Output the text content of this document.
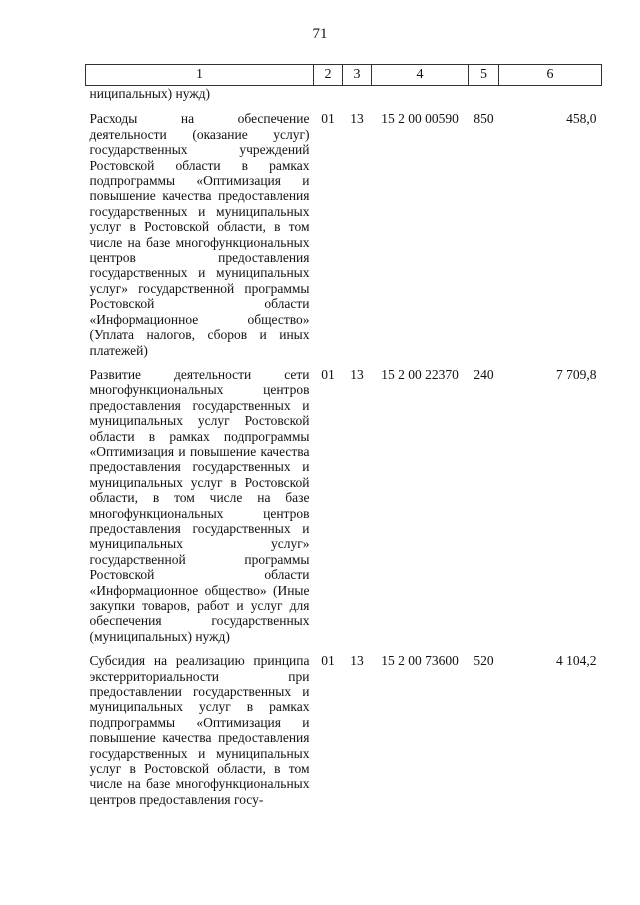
71
1	2	3	4	5	6
ниципальных) нужд)					
Расходы на обеспечение деятельности (оказание услуг) государственных учреждений Ростовской области в рамках подпрограммы «Оптимизация и повышение качества предоставления государственных и муниципальных услуг в Ростовской области, в том числе на базе многофункциональных центров предоставления государственных и муниципальных услуг» государственной программы Ростовской области «Информационное общество» (Уплата налогов, сборов и иных платежей)	01	13	15 2 00 00590	850	458,0
Развитие деятельности сети многофункциональных центров предоставления государственных и муниципальных услуг Ростовской области в рамках подпрограммы «Оптимизация и повышение качества предоставления государственных и муниципальных услуг в Ростовской области, в том числе на базе многофункциональных центров предоставления государственных и муниципальных услуг» государственной программы Ростовской области «Информационное общество» (Иные закупки товаров, работ и услуг для обеспечения государственных (муниципальных) нужд)	01	13	15 2 00 22370	240	7 709,8
Субсидия на реализацию принципа экстерриториальности при предоставлении государственных и муниципальных услуг в рамках подпрограммы «Оптимизация и повышение качества предоставления государственных и муниципальных услуг в Ростовской области, в том числе на базе многофункциональных центров предоставления госу-	01	13	15 2 00 73600	520	4 104,2
